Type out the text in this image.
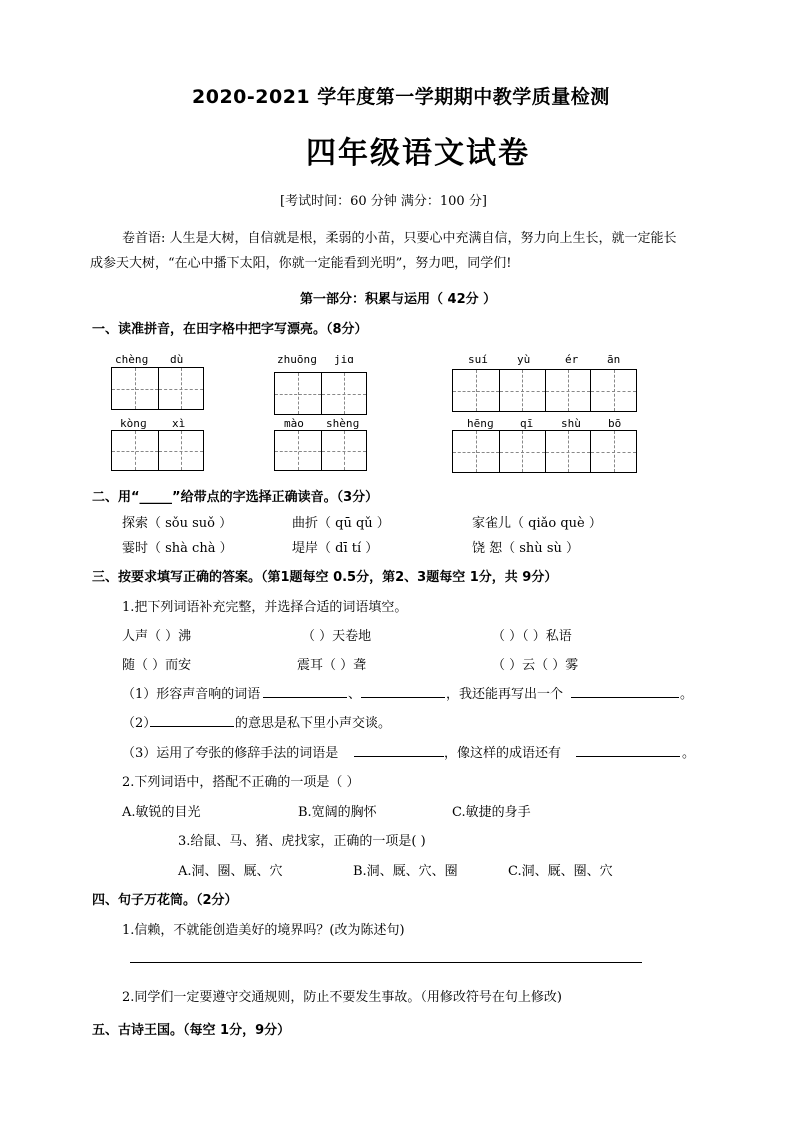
2020-2021 学年度第一学期期中教学质量检测
四年级语文试卷
[考试时间：60 分钟 满分：100 分]
卷首语: 人生是大树，自信就是根，柔弱的小苗，只要心中充满自信，努力向上生长，就一定能长
成参天大树，“在心中播下太阳，你就一定能看到光明”，努力吧，同学们!
第一部分：积累与运用（ 42分 ）
一、读准拼音，在田字格中把字写漂亮。（8分）
chènɡ dù
kònɡ xì
zhuōnɡ jiɑ
mào shènɡ
suí	yù	ér	ān
hēnɡ qī	shù bō
二、用“_____”给带点的字选择正确读音。（3分）
探索（ sǒu suǒ ）	曲折（ qū qǔ ）	家雀儿（ qiǎo què ）
霎时（ shà chà ）	堤岸（ dī tí ）	饶 恕（ shù sù ）
三、按要求填写正确的答案。（第1题每空 0.5分，第2、3题每空 1分，共 9分）
1.把下列词语补充完整，并选择合适的词语填空。
人声（ ）沸	（ ）天卷地	（ ）（ ）私语
随（ ）而安	震耳（ ）聋	（ ）云（ ）雾
（1）形容声音响的词语	、	，我还能再写出一个	。
（2）	的意思是私下里小声交谈。
（3）运用了夸张的修辞手法的词语是	，像这样的成语还有	。
2.下列词语中，搭配不正确的一项是（ ）
A.敏锐的目光	B.宽阔的胸怀	C.敏捷的身手
3.给鼠、马、猪、虎找家，正确的一项是( )
A.洞、圈、厩、穴	B.洞、厩、穴、圈	C.洞、厩、圈、穴
四、句子万花筒。（2分）
1.信赖，不就能创造美好的境界吗？(改为陈述句)
2.同学们一定要遵守交通规则，防止不要发生事故。（用修改符号在句上修改)
五、古诗王国。（每空 1分，9分）
